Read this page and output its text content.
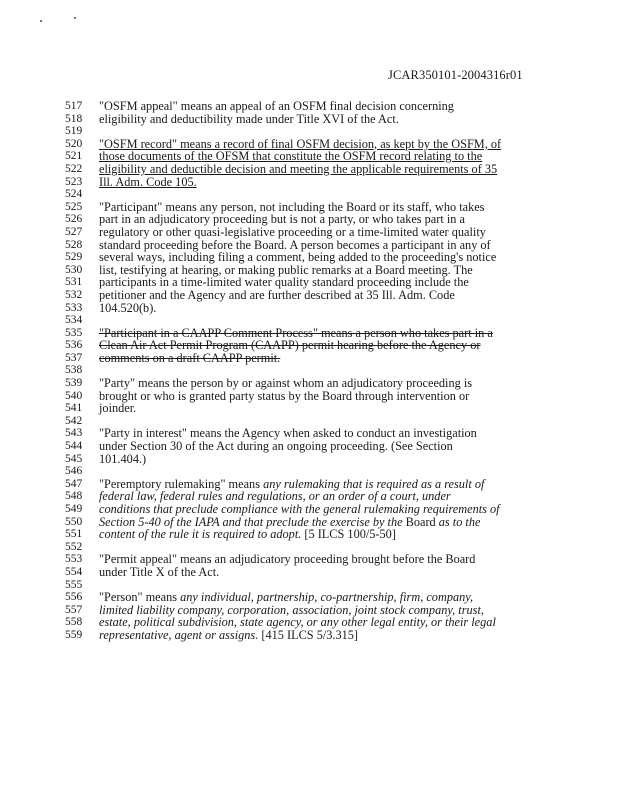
JCAR350101-2004316r01
517	"OSFM appeal" means an appeal of an OSFM final decision concerning
518	eligibility and deductibility made under Title XVI of the Act.
519
520	"OSFM record" means a record of final OSFM decision, as kept by the OSFM, of
521	those documents of the OFSM that constitute the OSFM record relating to the
522	eligibility and deductible decision and meeting the applicable requirements of 35
523	Ill. Adm. Code 105.
524
525	"Participant" means any person, not including the Board or its staff, who takes
526	part in an adjudicatory proceeding but is not a party, or who takes part in a
527	regulatory or other quasi-legislative proceeding or a time-limited water quality
528	standard proceeding before the Board. A person becomes a participant in any of
529	several ways, including filing a comment, being added to the proceeding's notice
530	list, testifying at hearing, or making public remarks at a Board meeting. The
531	participants in a time-limited water quality standard proceeding include the
532	petitioner and the Agency and are further described at 35 Ill. Adm. Code
533	104.520(b).
534
535	"Participant in a CAAPP Comment Process" means a person who takes part in a
536	Clean Air Act Permit Program (CAAPP) permit hearing before the Agency or
537	comments on a draft CAAPP permit.
538
539	"Party" means the person by or against whom an adjudicatory proceeding is
540	brought or who is granted party status by the Board through intervention or
541	joinder.
542
543	"Party in interest" means the Agency when asked to conduct an investigation
544	under Section 30 of the Act during an ongoing proceeding. (See Section
545	101.404.)
546
547	"Peremptory rulemaking" means any rulemaking that is required as a result of
548	federal law, federal rules and regulations, or an order of a court, under
549	conditions that preclude compliance with the general rulemaking requirements of
550	Section 5-40 of the IAPA and that preclude the exercise by the Board as to the
551	content of the rule it is required to adopt. [5 ILCS 100/5-50]
552
553	"Permit appeal" means an adjudicatory proceeding brought before the Board
554	under Title X of the Act.
555
556	"Person" means any individual, partnership, co-partnership, firm, company,
557	limited liability company, corporation, association, joint stock company, trust,
558	estate, political subdivision, state agency, or any other legal entity, or their legal
559	representative, agent or assigns. [415 ILCS 5/3.315]
